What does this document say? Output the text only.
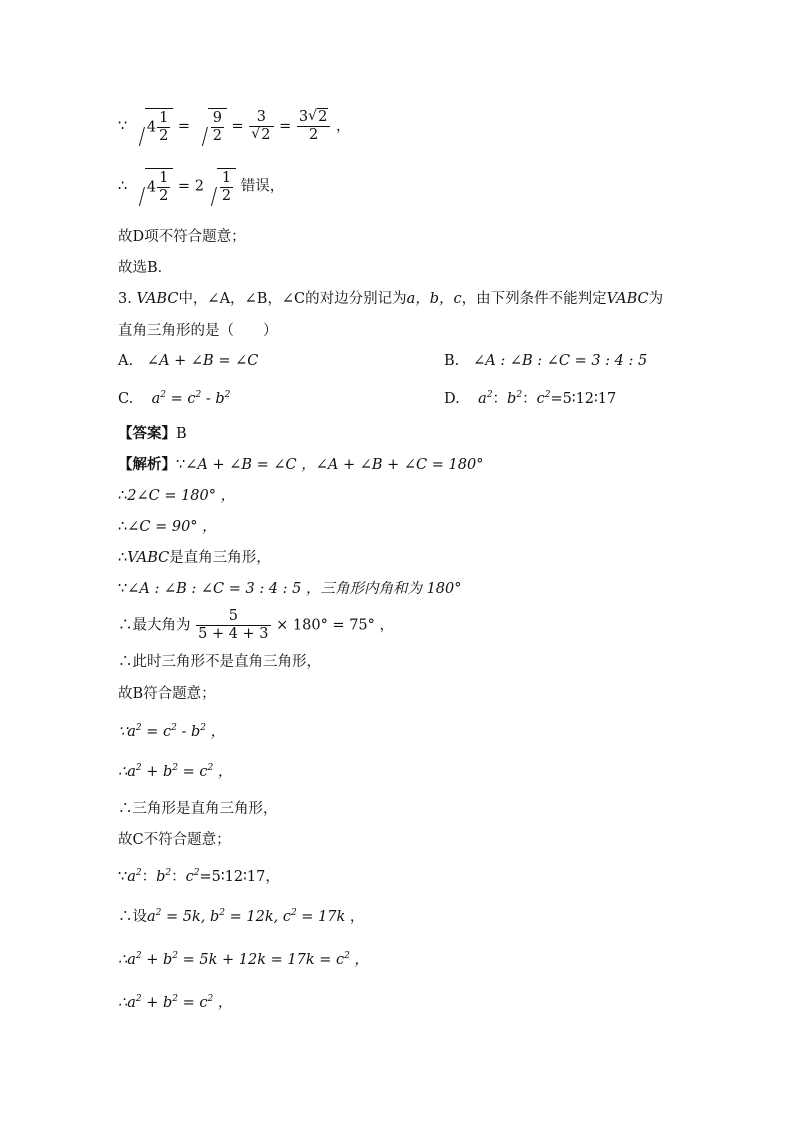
∵ $4 \frac{1}{2} = \frac{9}{2} = 3$
√ $2 = \frac{3√ 2}{2}$ ，
∴ $4 \frac{1}{2} = 2 \frac{1}{2}$ 错误，
故D项不符合题意；
故选B．
3. VABC中，∠A，∠B，∠C的对边分别记为a，b，c，由下列条件不能判定VABC为
直角三角形的是（　　）
A. ∠A + ∠B = ∠C	B. ∠A : ∠B : ∠C = 3 : 4 : 5
C. $a^2 = c^2 - b^2$	D. $a^2$：$b^2$：$c^2=5∶12∶17$
【答案】B
【解析】∵∠A + ∠B = ∠C ，∠A + ∠B + ∠C = 180°
∴2∠C = 180° ，
∴∠C = 90° ，
∴VABC是直角三角形，
∵∠A : ∠B : ∠C = 3 : 4 : 5 ，三角形内角和为 180°
∴最大角为 $\frac{5}{5 + 4 + 3} \times 180^\circ = 75^\circ$ ，
∴此时三角形不是直角三角形，
故B符合题意；
$\because a^2 = c^2 - b^2$ ，
$\therefore a^2 + b^2 = c^2$ ，
∴三角形是直角三角形，
故C不符合题意；
$\because a^2$：$b^2$：$c^2=5∶12∶17$，
∴设$a^2 = 5k$, $b^2 = 12k$, $c^2 = 17k$ ，
$\therefore a^2 + b^2 = 5k + 12k = 17k = c^2$ ，
$\therefore a^2 + b^2 = c^2$ ，
